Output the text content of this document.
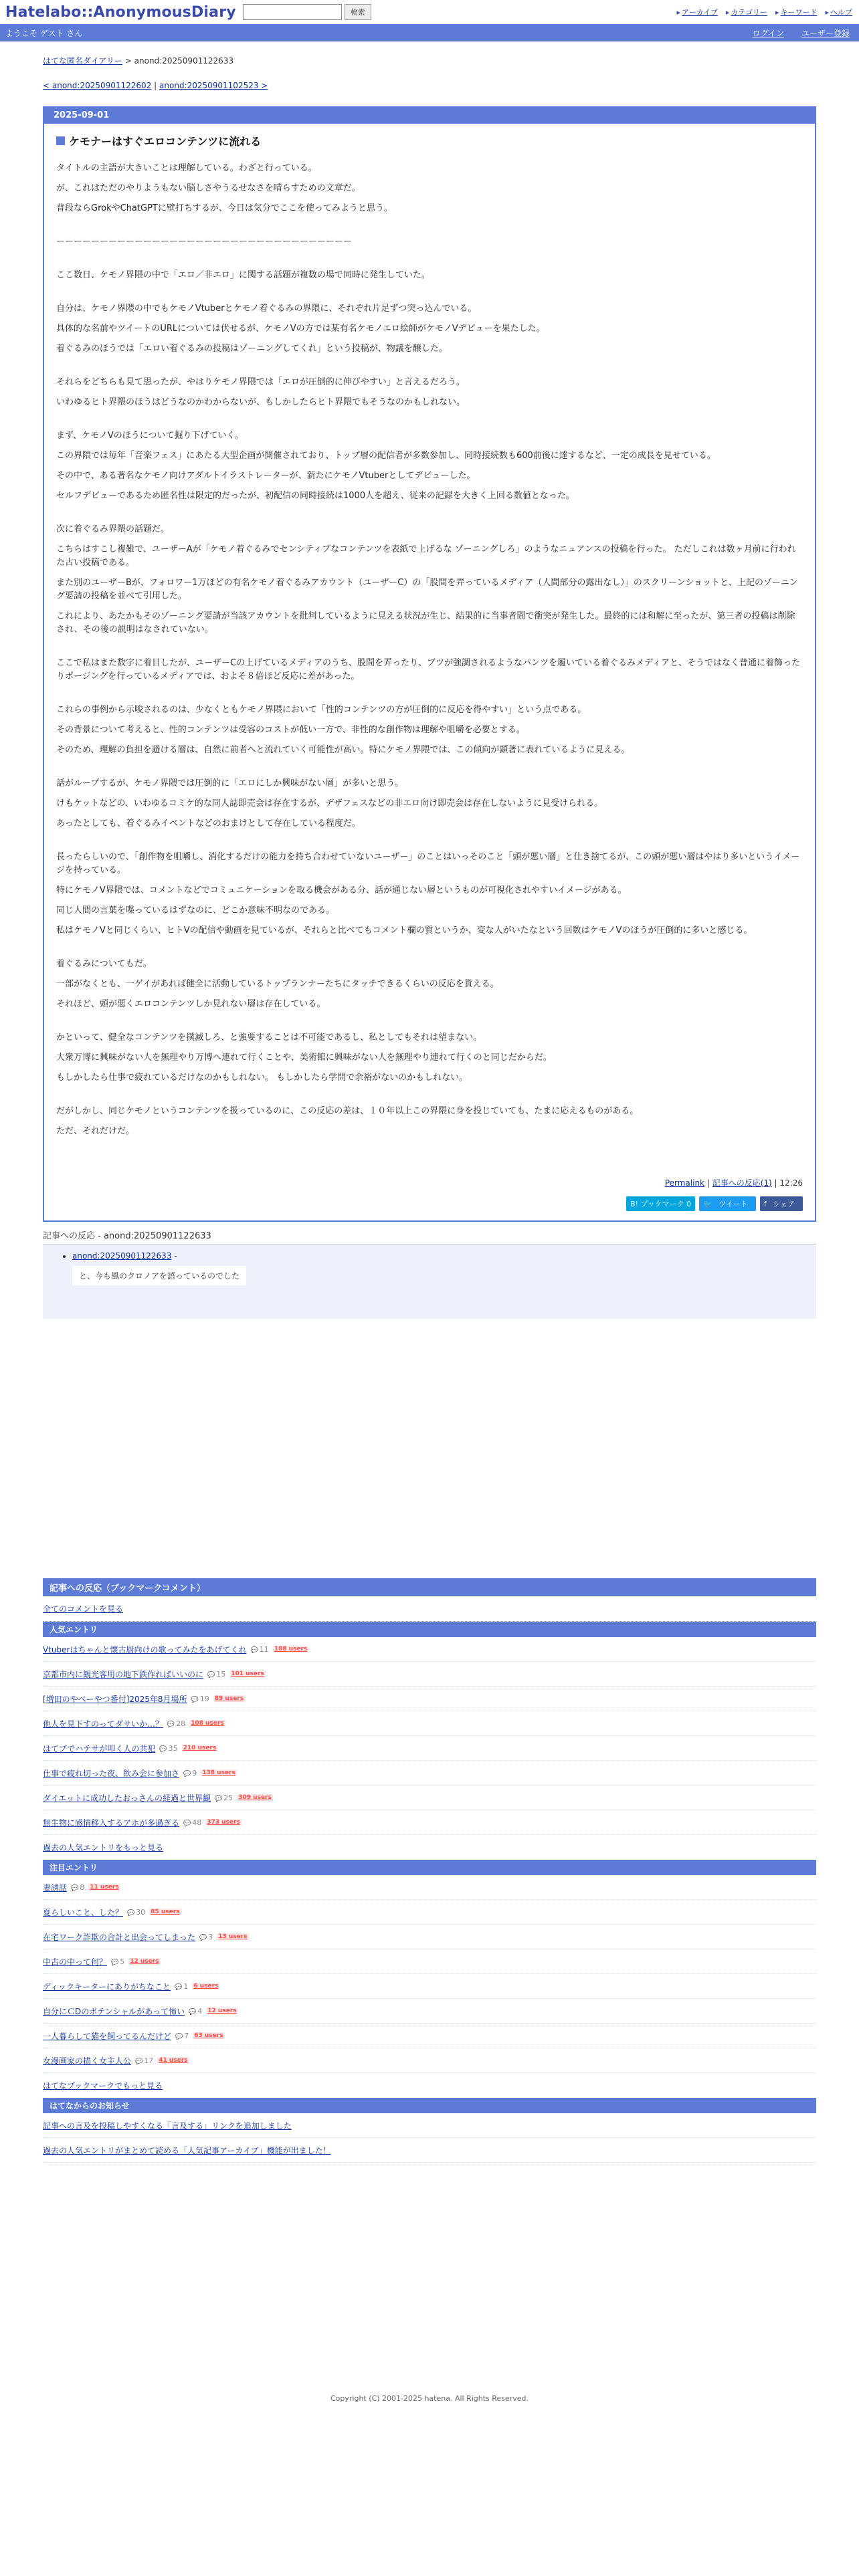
Hatelabo::AnonymousDiary	検索	▸ アーカイブ	▸ カテゴリー	▸ キーワード	▸ ヘルプ
ようこそ ゲスト さん	ログイン ユーザー登録
はてな匿名ダイアリー > anond:20250901122633
< anond:20250901122602 | anond:20250901102523 >
2025-09-01
ケモナーはすぐエロコンテンツに流れる

タイトルの主語が大きいことは理解している。わざと行っている。

が、これはただのやりようもない脳しさやうるせなさを晴らすための文章だ。

普段ならGrokやChatGPTに壁打ちするが、今日は気分でここを使ってみようと思う。

ーーーーーーーーーーーーーーーーーーーーーーーーーーーーーーーーーー

ここ数日、ケモノ界隈の中で「エロ／非エロ」に関する話題が複数の場で同時に発生していた。

自分は、ケモノ界隈の中でもケモノVtuberとケモノ着ぐるみの界隈に、それぞれ片足ずつ突っ込んでいる。

具体的な名前やツイートのURLについては伏せるが、ケモノVの方では某有名ケモノエロ絵師がケモノVデビューを果たした。

着ぐるみのほうでは「エロい着ぐるみの投稿はゾーニングしてくれ」という投稿が、物議を醸した。

それらをどちらも見て思ったが、やはりケモノ界隈では「エロが圧倒的に伸びやすい」と言えるだろう。

いわゆるヒト界隈のほうはどうなのかわからないが、もしかしたらヒト界隈でもそうなのかもしれない。

まず、ケモノVのほうについて掘り下げていく。

この界隈では毎年「音楽フェス」にあたる大型企画が開催されており、トップ層の配信者が多数参加し、同時接続数も600前後に達するなど、一定の成長を見せている。

その中で、ある著名なケモノ向けアダルトイラストレーターが、新たにケモノVtuberとしてデビューした。

セルフデビューであるため匿名性は限定的だったが、初配信の同時接続は1000人を超え、従来の記録を大きく上回る数値となった。

次に着ぐるみ界隈の話題だ。

こちらはすこし複雑で、ユーザーAが「ケモノ着ぐるみでセンシティブなコンテンツを表紙で上げるな ゾーニングしろ」のようなニュアンスの投稿を行った。 ただしこれは数ヶ月前に行われた古い投稿である。

また別のユーザーBが、フォロワー1万ほどの有名ケモノ着ぐるみアカウント（ユーザーC）の「股間を弄っているメディア（人間部分の露出なし）」のスクリーンショットと、上記のゾーニング要請の投稿を並べて引用した。

これにより、あたかもそのゾーニング要請が当該アカウントを批判しているように見える状況が生じ、結果的に当事者間で衝突が発生した。最終的には和解に至ったが、第三者の投稿は削除され、その後の説明はなされていない。

ここで私はまた数字に着目したが、ユーザーCの上げているメディアのうち、股間を弄ったり、ブツが強調されるようなパンツを履いている着ぐるみメディアと、そうではなく普通に着飾ったりポージングを行っているメディアでは、およそ８倍ほど反応に差があった。

これらの事例から示唆されるのは、少なくともケモノ界隈において「性的コンテンツの方が圧倒的に反応を得やすい」という点である。

その背景について考えると、性的コンテンツは受容のコストが低い一方で、非性的な創作物は理解や咀嚼を必要とする。

そのため、理解の負担を避ける層は、自然に前者へと流れていく可能性が高い。特にケモノ界隈では、この傾向が顕著に表れているように見える。

話がループするが、ケモノ界隈では圧倒的に「エロにしか興味がない層」が多いと思う。

けもケットなどの、いわゆるコミケ的な同人誌即売会は存在するが、デザフェスなどの非エロ向け即売会は存在しないように見受けられる。

あったとしても、着ぐるみイベントなどのおまけとして存在している程度だ。

長ったらしいので、「創作物を咀嚼し、消化するだけの能力を持ち合わせていないユーザー」のことはいっそのこと「頭が悪い層」と仕き捨てるが、この頭が悪い層はやはり多いというイメージを持っている。

特にケモノV界隈では、コメントなどでコミュニケーションを取る機会がある分、話が通じない層というものが可視化されやすいイメージがある。

同じ人間の言葉を喋っているはずなのに、どこか意味不明なのである。

私はケモノVと同じくらい、ヒトVの配信や動画を見ているが、それらと比べてもコメント欄の質というか、変な人がいたなという回数はケモノVのほうが圧倒的に多いと感じる。

着ぐるみについてもだ。

一部がなくとも、一ゲイがあれば健全に活動しているトップランナーたちにタッチできるくらいの反応を貰える。

それほど、頭が悪くエロコンテンツしか見れない層は存在している。

かといって、健全なコンテンツを撲滅しろ、と強要することは不可能であるし、私としてもそれは望まない。

大衆万博に興味がない人を無理やり万博へ連れて行くことや、美術館に興味がない人を無理やり連れて行くのと同じだからだ。

もしかしたら仕事で疲れているだけなのかもしれない。 もしかしたら学問で余裕がないのかもしれない。

だがしかし、同じケモノというコンテンツを扱っているのに、この反応の差は、１０年以上この界隈に身を投じていても、たまに応えるものがある。

ただ、それだけだ。

Permalink | 記事への反応(1) | 12:26
B! ブックマーク 0	🐦 ツイート	f シェア
記事への反応 - anond:20250901122633
• anond:20250901122633 -
と、今も風のクロノアを語っているのでした
記事への反応（ブックマークコメント）
全てのコメントを見る
人気エントリ
Vtuberはちゃんと懐古厨向けの歌ってみたをあげてくれ	💬 11 188 users
京都市内に観光客用の地下鉄作ればいいのに	💬 15 101 users
[増田のやべーやつ番付]2025年8月場所	💬 19 89 users
他人を見下すのってダサいか…？	💬 28 108 users
はてブでハテサが叩く人の共犯	💬 35 210 users
仕事で疲れ切った夜、飲み会に参加さ	💬 9 138 users
ダイエットに成功したおっさんの経過と世界観	💬 25 309 users
無生物に感情移入するアホが多過ぎる	💬 48 373 users
過去の人気エントリをもっと見る
注目エントリ
妻誘話	💬 8 11 users
夏らしいこと、した？	💬 30 85 users
在宅ワーク詐欺の合計と出会ってしまった	💬 3 13 users
中古の中って何？	💬 5 12 users
ディックキーターにありがちなこと	💬 1 6 users
自分にＣDのポテンシャルがあって怖い	💬 4 12 users
一人暮らして猫を飼ってるんだけど	💬 7 63 users
女漫画家の描く女主人公	💬 17 41 users
はてなブックマークでもっと見る
はてなからのお知らせ
記事への言及を投稿しやすくなる「言及する」リンクを追加しました
過去の人気エントリがまとめて読める「人気記事アーカイブ」機能が出ました！
Copyright (C) 2001-2025 hatena. All Rights Reserved.
